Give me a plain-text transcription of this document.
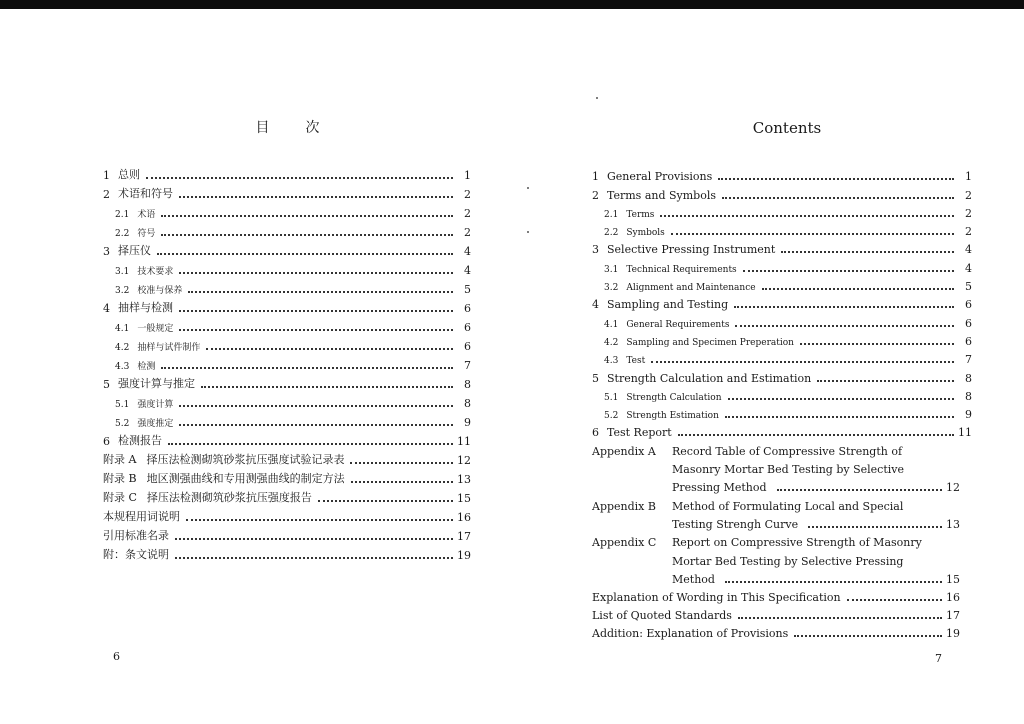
目	次
1 总则	1
2 术语和符号	2
2.1 术语	2
2.2 符号	2
3 择压仪	4
3.1 技术要求	4
3.2 校准与保养	5
4 抽样与检测	6
4.1 一般规定	6
4.2 抽样与试件制作	6
4.3 检测	7
5 强度计算与推定	8
5.1 强度计算	8
5.2 强度推定	9
6 检测报告	11
附录 A 择压法检测砌筑砂浆抗压强度试验记录表	12
附录 B 地区测强曲线和专用测强曲线的制定方法	13
附录 C 择压法检测砌筑砂浆抗压强度报告	15
本规程用词说明	16
引用标准名录	17
附：条文说明	19
6
Contents
1 General Provisions	1
2 Terms and Symbols	2
2.1 Terms	2
2.2 Symbols	2
3 Selective Pressing Instrument	4
3.1 Technical Requirements	4
3.2 Alignment and Maintenance	5
4 Sampling and Testing	6
4.1 General Requirements	6
4.2 Sampling and Specimen Preperation	6
4.3 Test	7
5 Strength Calculation and Estimation	8
5.1 Strength Calculation	8
5.2 Strength Estimation	9
6 Test Report	11
Appendix A	Record Table of Compressive Strength of
Masonry Mortar Bed Testing by Selective
Pressing Method	12
Appendix B	Method of Formulating Local and Special
Testing Strengh Curve	13
Appendix C	Report on Compressive Strength of Masonry
Mortar Bed Testing by Selective Pressing
Method	15
Explanation of Wording in This Specification	16
List of Quoted Standards	17
Addition: Explanation of Provisions	19
7
